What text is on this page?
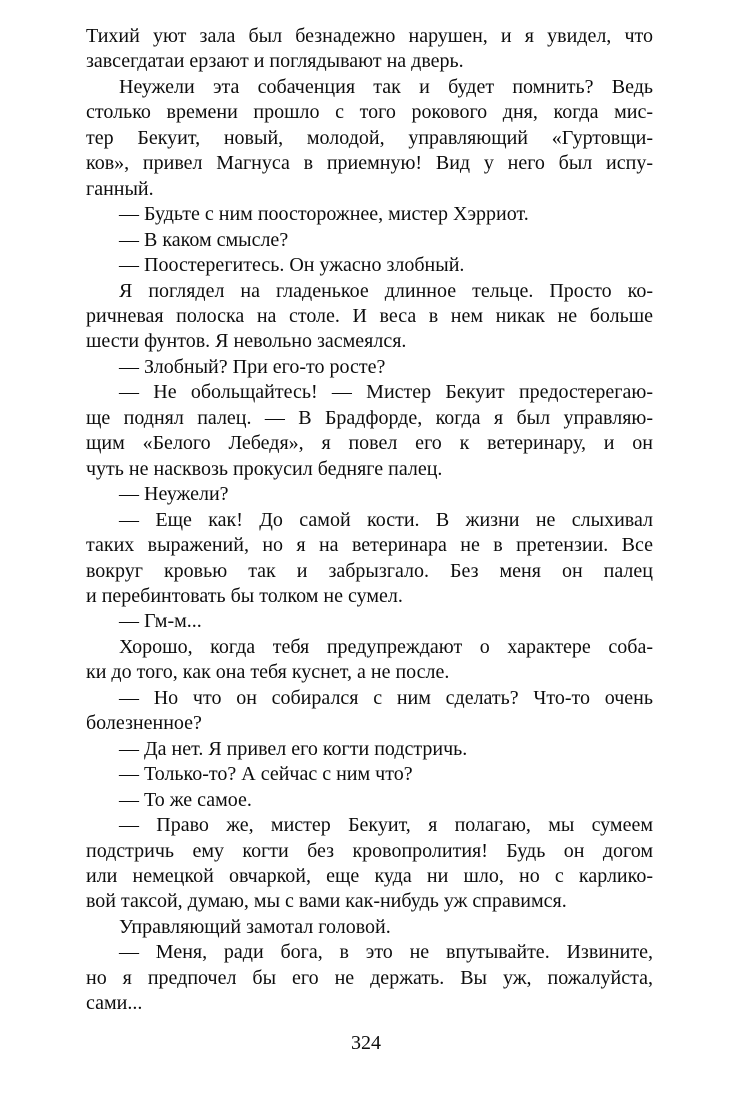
Тихий уют зала был безнадежно нарушен, и я увидел, что
завсегдатаи ерзают и поглядывают на дверь.
Неужели эта собаченция так и будет помнить? Ведь
столько времени прошло с того рокового дня, когда мис-
тер Бекуит, новый, молодой, управляющий «Гуртовщи-
ков», привел Магнуса в приемную! Вид у него был испу-
ганный.
— Будьте с ним поосторожнее, мистер Хэрриот.
— В каком смысле?
— Поостерегитесь. Он ужасно злобный.
Я поглядел на гладенькое длинное тельце. Просто ко-
ричневая полоска на столе. И веса в нем никак не больше
шести фунтов. Я невольно засмеялся.
— Злобный? При его-то росте?
— Не обольщайтесь! — Мистер Бекуит предостерегаю-
ще поднял палец. — В Брадфорде, когда я был управляю-
щим «Белого Лебедя», я повел его к ветеринару, и он
чуть не насквозь прокусил бедняге палец.
— Неужели?
— Еще как! До самой кости. В жизни не слыхивал
таких выражений, но я на ветеринара не в претензии. Все
вокруг кровью так и забрызгало. Без меня он палец
и перебинтовать бы толком не сумел.
— Гм-м...
Хорошо, когда тебя предупреждают о характере соба-
ки до того, как она тебя куснет, а не после.
— Но что он собирался с ним сделать? Что-то очень
болезненное?
— Да нет. Я привел его когти подстричь.
— Только-то? А сейчас с ним что?
— То же самое.
— Право же, мистер Бекуит, я полагаю, мы сумеем
подстричь ему когти без кровопролития! Будь он догом
или немецкой овчаркой, еще куда ни шло, но с карлико-
вой таксой, думаю, мы с вами как-нибудь уж справимся.
Управляющий замотал головой.
— Меня, ради бога, в это не впутывайте. Извините,
но я предпочел бы его не держать. Вы уж, пожалуйста,
сами...
324
